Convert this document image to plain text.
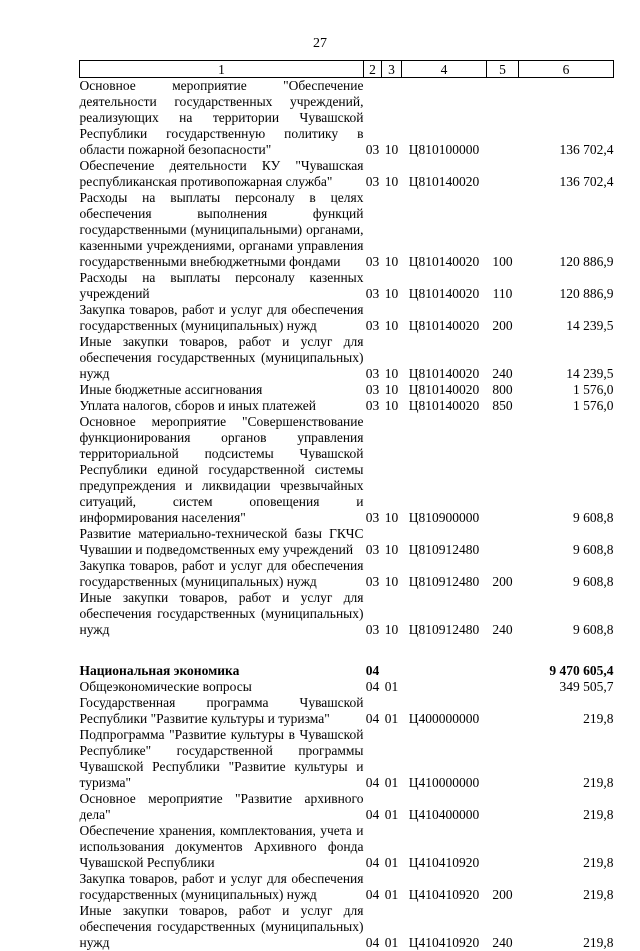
27
1	2	3	4	5	6
Основное мероприятие "Обеспечение деятельности государственных учреждений, реализующих на территории Чувашской Республики государственную политику в области пожарной безопасности"	03	10	Ц810100000		136 702,4
Обеспечение деятельности КУ "Чувашская республиканская противопожарная служба"	03	10	Ц810140020		136 702,4
Расходы на выплаты персоналу в целях обеспечения выполнения функций государственными (муниципальными) органами, казенными учреждениями, органами управления государственными внебюджетными фондами	03	10	Ц810140020	100	120 886,9
Расходы на выплаты персоналу казенных учреждений	03	10	Ц810140020	110	120 886,9
Закупка товаров, работ и услуг для обеспечения государственных (муниципальных) нужд	03	10	Ц810140020	200	14 239,5
Иные закупки товаров, работ и услуг для обеспечения государственных (муниципальных) нужд	03	10	Ц810140020	240	14 239,5
Иные бюджетные ассигнования	03	10	Ц810140020	800	1 576,0
Уплата налогов, сборов и иных платежей	03	10	Ц810140020	850	1 576,0
Основное мероприятие "Совершенствование функционирования органов управления территориальной подсистемы Чувашской Республики единой государственной системы предупреждения и ликвидации чрезвычайных ситуаций, систем оповещения и информирования населения"	03	10	Ц810900000		9 608,8
Развитие материально-технической базы ГКЧС Чувашии и подведомственных ему учреждений	03	10	Ц810912480		9 608,8
Закупка товаров, работ и услуг для обеспечения государственных (муниципальных) нужд	03	10	Ц810912480	200	9 608,8
Иные закупки товаров, работ и услуг для обеспечения государственных (муниципальных) нужд	03	10	Ц810912480	240	9 608,8

Национальная экономика	04				9 470 605,4
Общеэкономические вопросы	04	01			349 505,7
Государственная программа Чувашской Республики "Развитие культуры и туризма"	04	01	Ц400000000		219,8
Подпрограмма "Развитие культуры в Чувашской Республике" государственной программы Чувашской Республики "Развитие культуры и туризма"	04	01	Ц410000000		219,8
Основное мероприятие "Развитие архивного дела"	04	01	Ц410400000		219,8
Обеспечение хранения, комплектования, учета и использования документов Архивного фонда Чувашской Республики	04	01	Ц410410920		219,8
Закупка товаров, работ и услуг для обеспечения государственных (муниципальных) нужд	04	01	Ц410410920	200	219,8
Иные закупки товаров, работ и услуг для обеспечения государственных (муниципальных) нужд	04	01	Ц410410920	240	219,8
